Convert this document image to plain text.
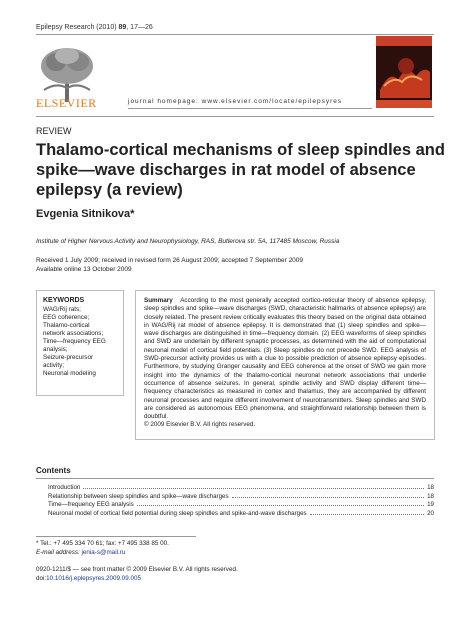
Epilepsy Research (2010) 89, 17—26
ELSEVIER	journal homepage: www.elsevier.com/locate/epilepsyres
REVIEW
Thalamo-cortical mechanisms of sleep spindles and spike—wave discharges in rat model of absence epilepsy (a review)
Evgenia Sitnikova*
Institute of Higher Nervous Activity and Neurophysiology, RAS, Butlerova str. 5A, 117485 Moscow, Russia
Received 1 July 2009; received in revised form 26 August 2009; accepted 7 September 2009
Available online 13 October 2009
KEYWORDS
WAG/Rij rats;
EEG coherence;
Thalamo-cortical
network associations;
Time—frequency EEG
analysis;
Seizure-precursor
activity;
Neuronal modeling
Summary According to the most generally accepted cortico-reticular theory of absence epilepsy, sleep spindles and spike—wave discharges (SWD, characteristic hallmarks of absence epilepsy) are closely related. The present review critically evaluates this theory based on the original data obtained in WAG/Rij rat model of absence epilepsy. It is demonstrated that (1) sleep spindles and spike—wave discharges are distinguished in time—frequency domain. (2) EEG waveforms of sleep spindles and SWD are underlain by different synaptic processes, as determined with the aid of computational neuronal model of cortical field potentials. (3) Sleep spindles do not precede SWD. EEG analysis of SWD-precursor activity provides us with a clue to possible prediction of absence epilepsy episodes. Furthermore, by studying Granger causality and EEG coherence at the onset of SWD we gain more insight into the dynamics of the thalamo-cortical neuronal network associations that underlie occurrence of absence seizures. In general, spindle activity and SWD display different time—frequency characteristics as measured in cortex and thalamus, they are accompanied by different neuronal processes and require different involvement of neurotransmitters. Sleep spindles and SWD are considered as autonomous EEG phenomena, and straightforward relationship between them is doubtful.
© 2009 Elsevier B.V. All rights reserved.
Contents
Introduction	18
Relationship between sleep spindles and spike—wave discharges	18
Time—frequency EEG analysis	19
Neuronal model of cortical field potential during sleep spindles and spike-and-wave discharges	20
* Tel.: +7 495 334 70 61; fax: +7 495 338 85 00.
E-mail address: jenia-s@mail.ru
0920-1211/$ — see front matter © 2009 Elsevier B.V. All rights reserved.
doi:10.1016/j.eplepsyres.2009.09.005
